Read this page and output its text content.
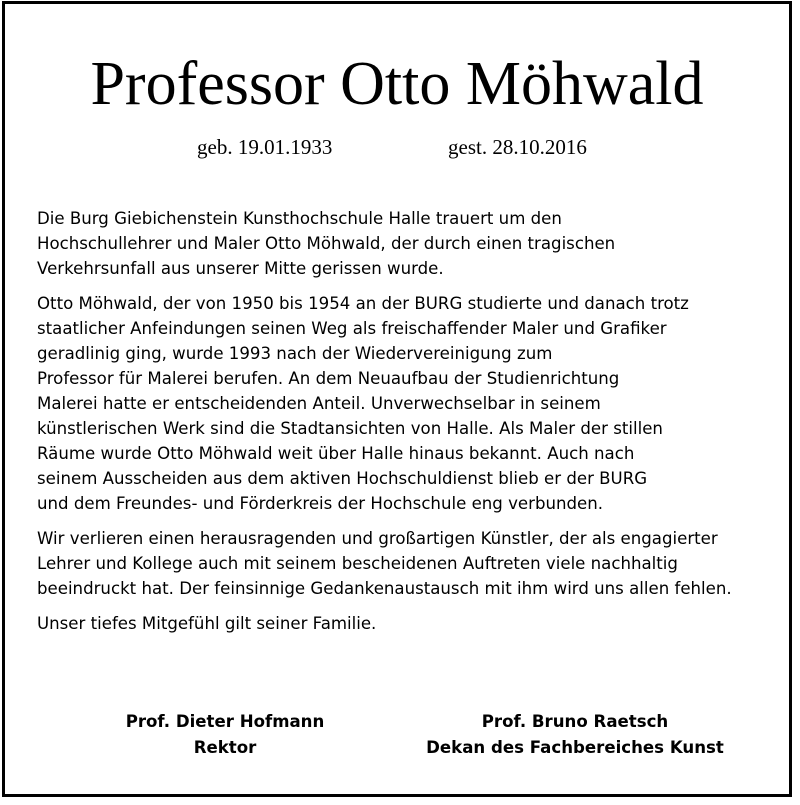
Professor Otto Möhwald
geb. 19.01.1933	gest. 28.10.2016

Die Burg Giebichenstein Kunsthochschule Halle trauert um den
Hochschullehrer und Maler Otto Möhwald, der durch einen tragischen
Verkehrsunfall aus unserer Mitte gerissen wurde.

Otto Möhwald, der von 1950 bis 1954 an der BURG studierte und danach trotz
staatlicher Anfeindungen seinen Weg als freischaffender Maler und Grafiker
geradlinig ging, wurde 1993 nach der Wiedervereinigung zum
Professor für Malerei berufen. An dem Neuaufbau der Studienrichtung
Malerei hatte er entscheidenden Anteil. Unverwechselbar in seinem
künstlerischen Werk sind die Stadtansichten von Halle. Als Maler der stillen
Räume wurde Otto Möhwald weit über Halle hinaus bekannt. Auch nach
seinem Ausscheiden aus dem aktiven Hochschuldienst blieb er der BURG
und dem Freundes- und Förderkreis der Hochschule eng verbunden.

Wir verlieren einen herausragenden und großartigen Künstler, der als engagierter
Lehrer und Kollege auch mit seinem bescheidenen Auftreten viele nachhaltig
beeindruckt hat. Der feinsinnige Gedankenaustausch mit ihm wird uns allen fehlen.

Unser tiefes Mitgefühl gilt seiner Familie.

Prof. Dieter Hofmann
Rektor
Prof. Bruno Raetsch
Dekan des Fachbereiches Kunst
